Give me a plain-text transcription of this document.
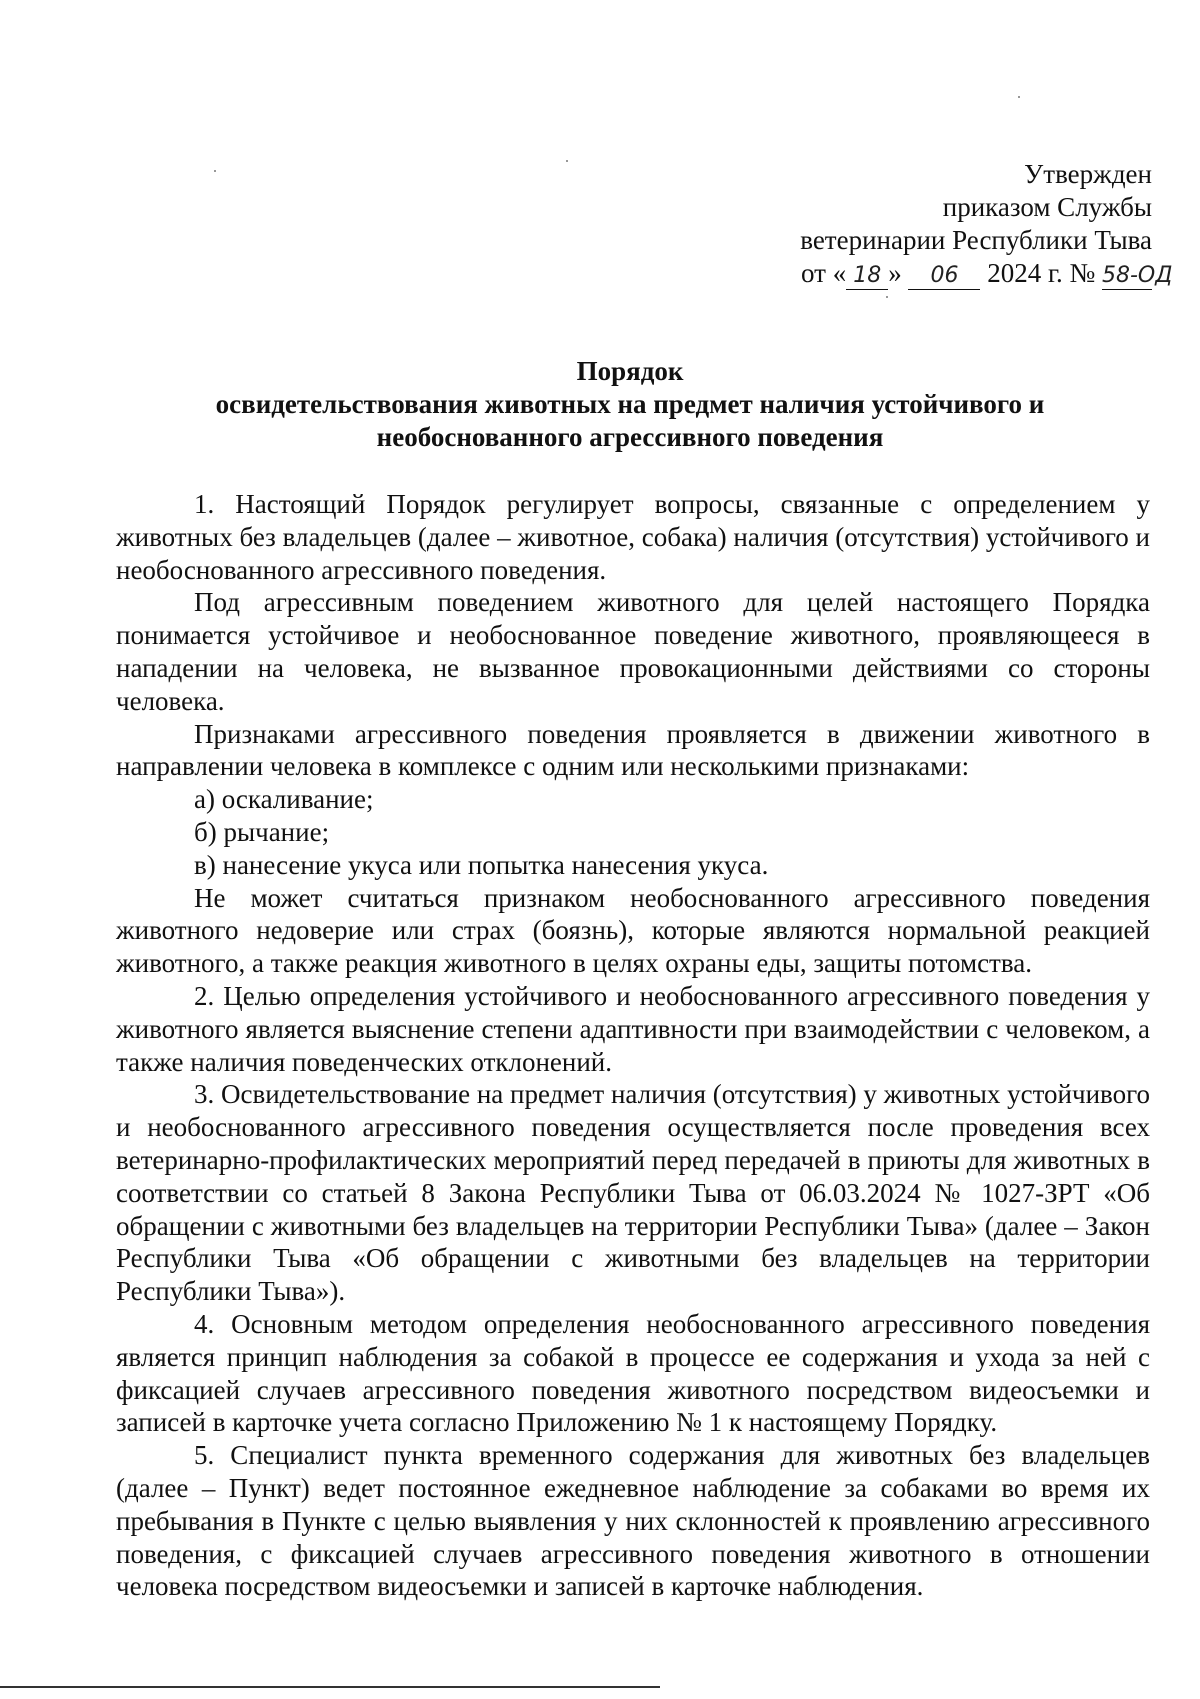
Утвержден
приказом Службы
ветеринарии Республики Тыва
от « 18 » 06 2024 г. № 58-ОД
Порядок
освидетельствования животных на предмет наличия устойчивого и
необоснованного агрессивного поведения

1. Настоящий Порядок регулирует вопросы, связанные с определением у животных без владельцев (далее – животное, собака) наличия (отсутствия) устойчивого и необоснованного агрессивного поведения.

Под агрессивным поведением животного для целей настоящего Порядка понимается устойчивое и необоснованное поведение животного, проявляющееся в нападении на человека, не вызванное провокационными действиями со стороны человека.

Признаками агрессивного поведения проявляется в движении животного в направлении человека в комплексе с одним или несколькими признаками:

а) оскаливание;

б) рычание;

в) нанесение укуса или попытка нанесения укуса.

Не может считаться признаком необоснованного агрессивного поведения животного недоверие или страх (боязнь), которые являются нормальной реакцией животного, а также реакция животного в целях охраны еды, защиты потомства.

2. Целью определения устойчивого и необоснованного агрессивного поведения у животного является выяснение степени адаптивности при взаимодействии с человеком, а также наличия поведенческих отклонений.

3. Освидетельствование на предмет наличия (отсутствия) у животных устойчивого и необоснованного агрессивного поведения осуществляется после проведения всех ветеринарно-профилактических мероприятий перед передачей в приюты для животных в соответствии со статьей 8 Закона Республики Тыва от 06.03.2024 № 1027-ЗРТ «Об обращении с животными без владельцев на территории Республики Тыва» (далее – Закон Республики Тыва «Об обращении с животными без владельцев на территории Республики Тыва»).

4. Основным методом определения необоснованного агрессивного поведения является принцип наблюдения за собакой в процессе ее содержания и ухода за ней с фиксацией случаев агрессивного поведения животного посредством видеосъемки и записей в карточке учета согласно Приложению № 1 к настоящему Порядку.

5. Специалист пункта временного содержания для животных без владельцев (далее – Пункт) ведет постоянное ежедневное наблюдение за собаками во время их пребывания в Пункте с целью выявления у них склонностей к проявлению агрессивного поведения, с фиксацией случаев агрессивного поведения животного в отношении человека посредством видеосъемки и записей в карточке наблюдения.
